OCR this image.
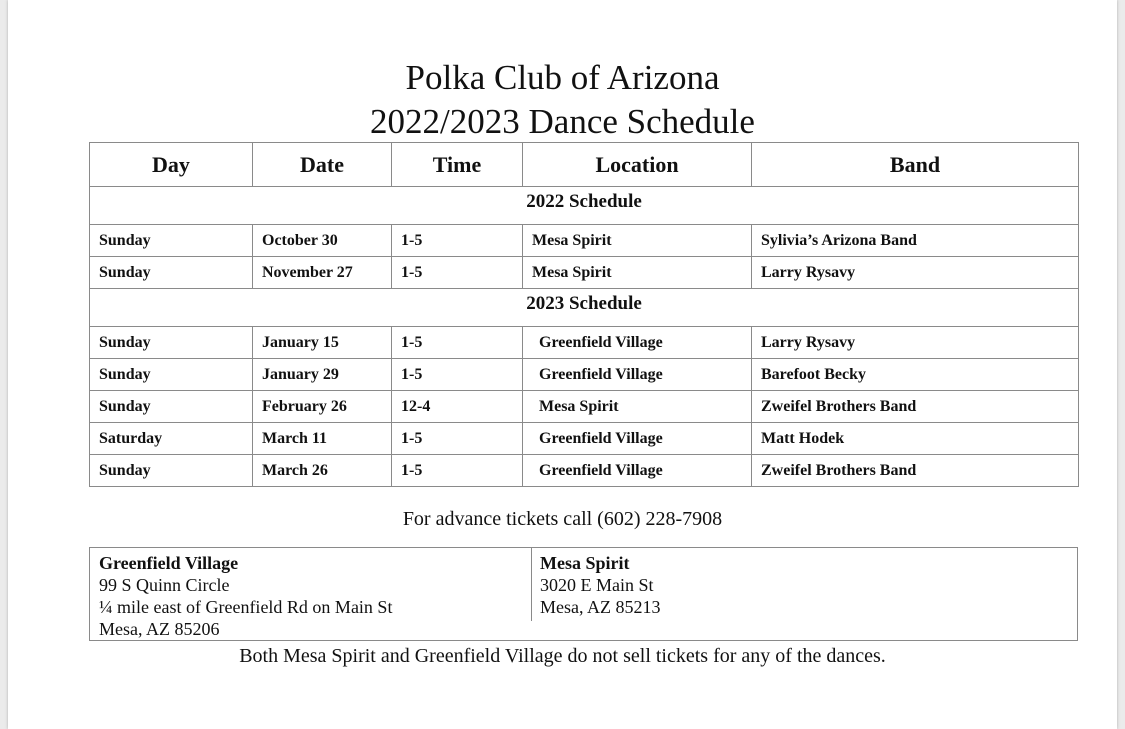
Polka Club of Arizona
2022/2023 Dance Schedule
Day	Date	Time	Location	Band
2022 Schedule				
Sunday	October 30	1-5	Mesa Spirit	Sylivia’s Arizona Band
Sunday	November 27	1-5	Mesa Spirit	Larry Rysavy
2023 Schedule				
Sunday	January 15	1-5	Greenfield Village	Larry Rysavy
Sunday	January 29	1-5	Greenfield Village	Barefoot Becky
Sunday	February 26	12-4	Mesa Spirit	Zweifel Brothers Band
Saturday	March 11	1-5	Greenfield Village	Matt Hodek
Sunday	March 26	1-5	Greenfield Village	Zweifel Brothers Band
For advance tickets call (602) 228-7908
Greenfield Village
99 S Quinn Circle
¼ mile east of Greenfield Rd on Main St
Mesa, AZ 85206
Mesa Spirit
3020 E Main St
Mesa, AZ 85213
Both Mesa Spirit and Greenfield Village do not sell tickets for any of the dances.
